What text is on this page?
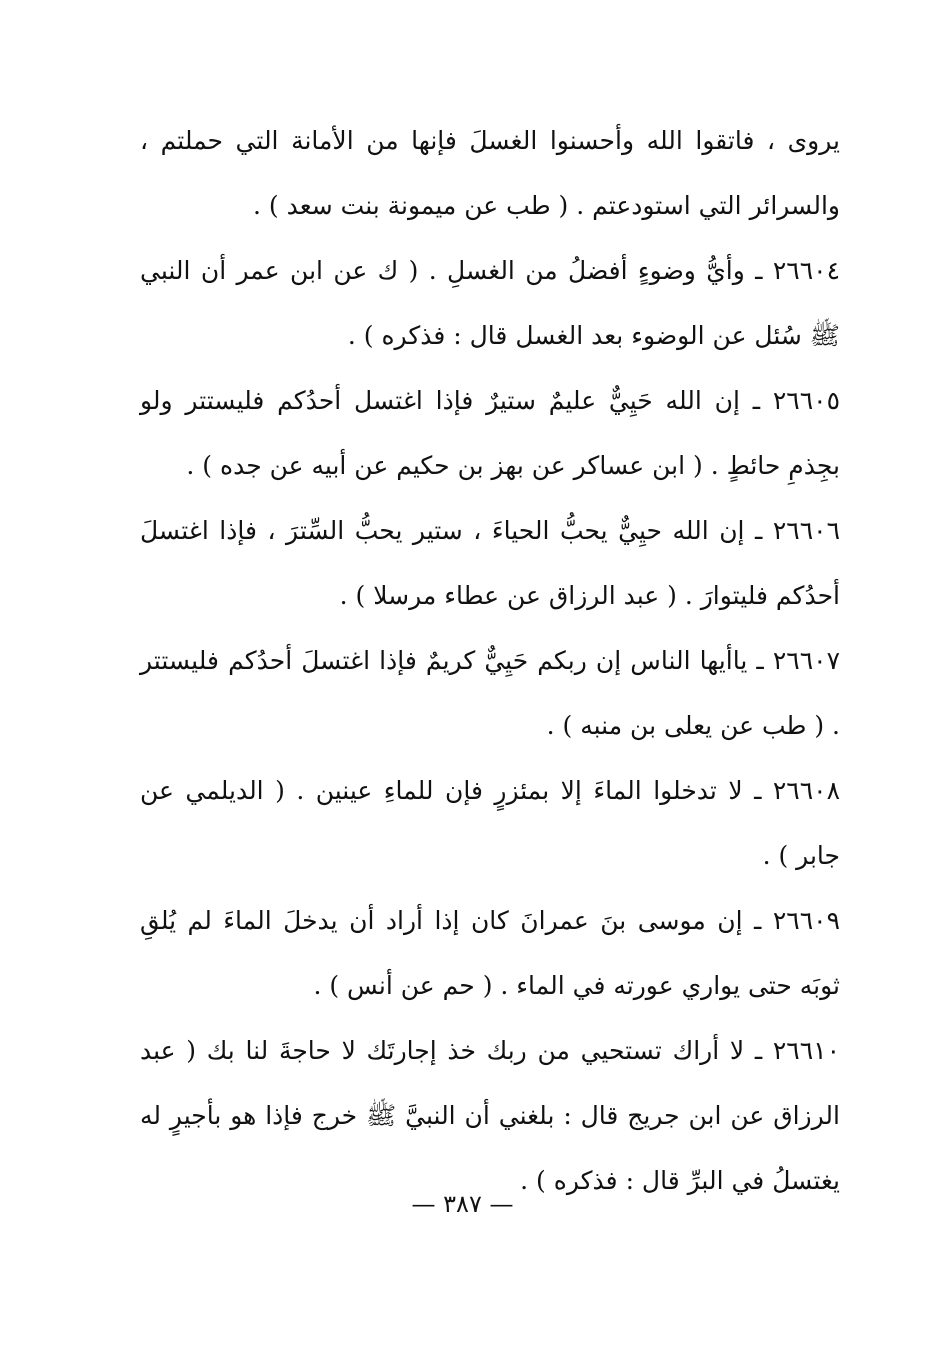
يروى ، فاتقوا الله وأحسنوا الغسلَ فإنها من الأمانة التي حملتم ، والسرائر التي استودعتم . ( طب عن ميمونة بنت سعد ) .

٢٦٦٠٤ ـ وأيُّ وضوءٍ أفضلُ من الغسلِ . ( ك عن ابن عمر أن النبي ﷺ سُئل عن الوضوء بعد الغسل قال : فذكره ) .

٢٦٦٠٥ ـ إن الله حَيِيٌّ عليمٌ ستيرٌ فإذا اغتسل أحدُكم فليستتر ولو بجِذمِ حائطٍ . ( ابن عساكر عن بهز بن حكيم عن أبيه عن جده ) .

٢٦٦٠٦ ـ إن الله حيِيٌّ يحبُّ الحياءَ ، ستير يحبُّ السِّترَ ، فإذا اغتسلَ أحدُكم فليتوارَ . ( عبد الرزاق عن عطاء مرسلا ) .

٢٦٦٠٧ ـ ياأيها الناس إن ربكم حَيِيٌّ كريمٌ فإذا اغتسلَ أحدُكم فليستتر . ( طب عن يعلى بن منبه ) .

٢٦٦٠٨ ـ لا تدخلوا الماءَ إلا بمئزرٍ فإن للماءِ عينين . ( الديلمي عن جابر ) .

٢٦٦٠٩ ـ إن موسى بنَ عمرانَ كان إذا أراد أن يدخلَ الماءَ لم يُلقِ ثوبَه حتى يواري عورته في الماء . ( حم عن أنس ) .

٢٦٦١٠ ـ لا أراك تستحيي من ربك خذ إجارتَك لا حاجةَ لنا بك ( عبد الرزاق عن ابن جريج قال : بلغني أن النبيَّ ﷺ خرج فإذا هو بأجيرٍ له يغتسلُ في البرِّ قال : فذكره ) .

— ٣٨٧ —
